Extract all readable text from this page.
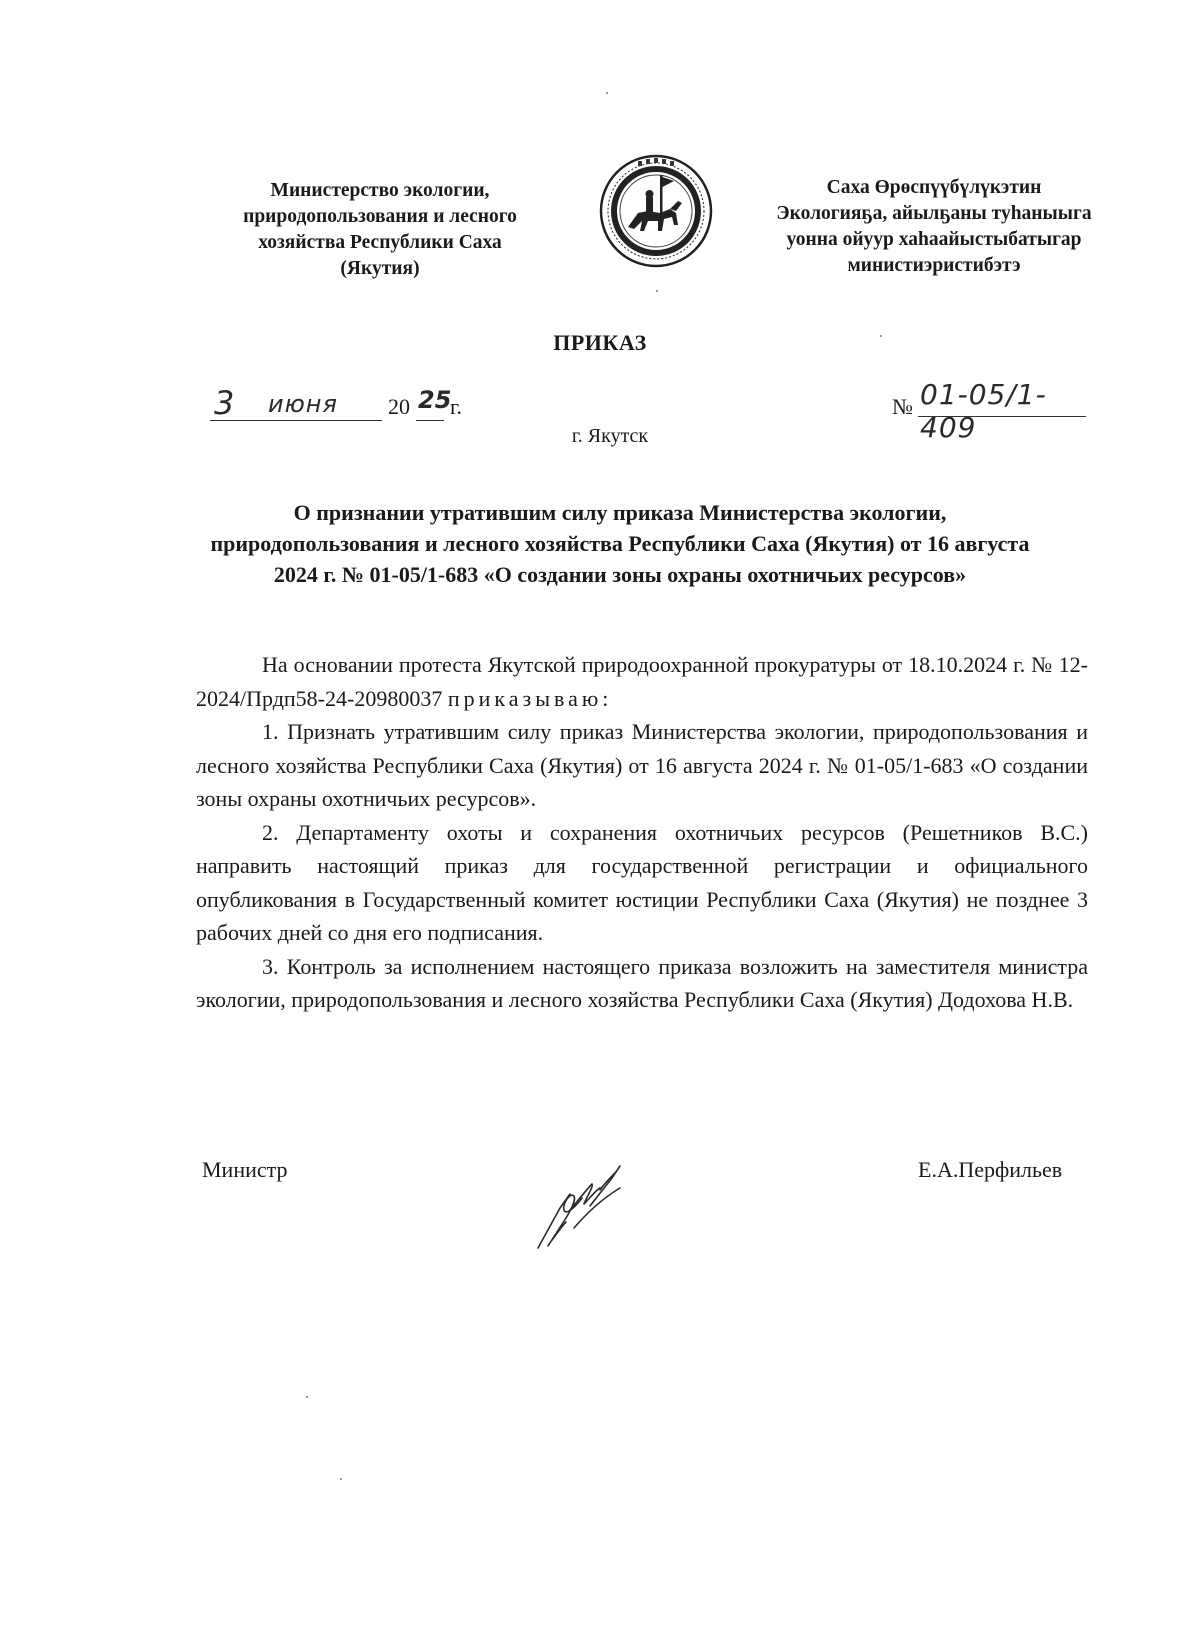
Министерство экологии,
природопользования и лесного
хозяйства Республики Саха
(Якутия)
Саха Өрөспүүбүлүкэтин
Экологияҕа, айылҕаны туһаныыга
уонна ойуур хаһаайыстыбатыгар
министиэристибэтэ
ПРИКАЗ
3 июня 20 25
г.	№ 01-05/1-409
г. Якутск
О признании утратившим силу приказа Министерства экологии, природопользования и лесного хозяйства Республики Саха (Якутия) от 16 августа 2024 г. № 01-05/1-683 «О создании зоны охраны охотничьих ресурсов»

На основании протеста Якутской природоохранной прокуратуры от 18.10.2024 г. № 12-2024/Прдп58-24-20980037 приказываю:

1. Признать утратившим силу приказ Министерства экологии, природопользования и лесного хозяйства Республики Саха (Якутия) от 16 августа 2024 г. № 01-05/1-683 «О создании зоны охраны охотничьих ресурсов».

2. Департаменту охоты и сохранения охотничьих ресурсов (Решетников В.С.) направить настоящий приказ для государственной регистрации и официального опубликования в Государственный комитет юстиции Республики Саха (Якутия) не позднее 3 рабочих дней со дня его подписания.

3. Контроль за исполнением настоящего приказа возложить на заместителя министра экологии, природопользования и лесного хозяйства Республики Саха (Якутия) Додохова Н.В.

Министр	Е.А.Перфильев
